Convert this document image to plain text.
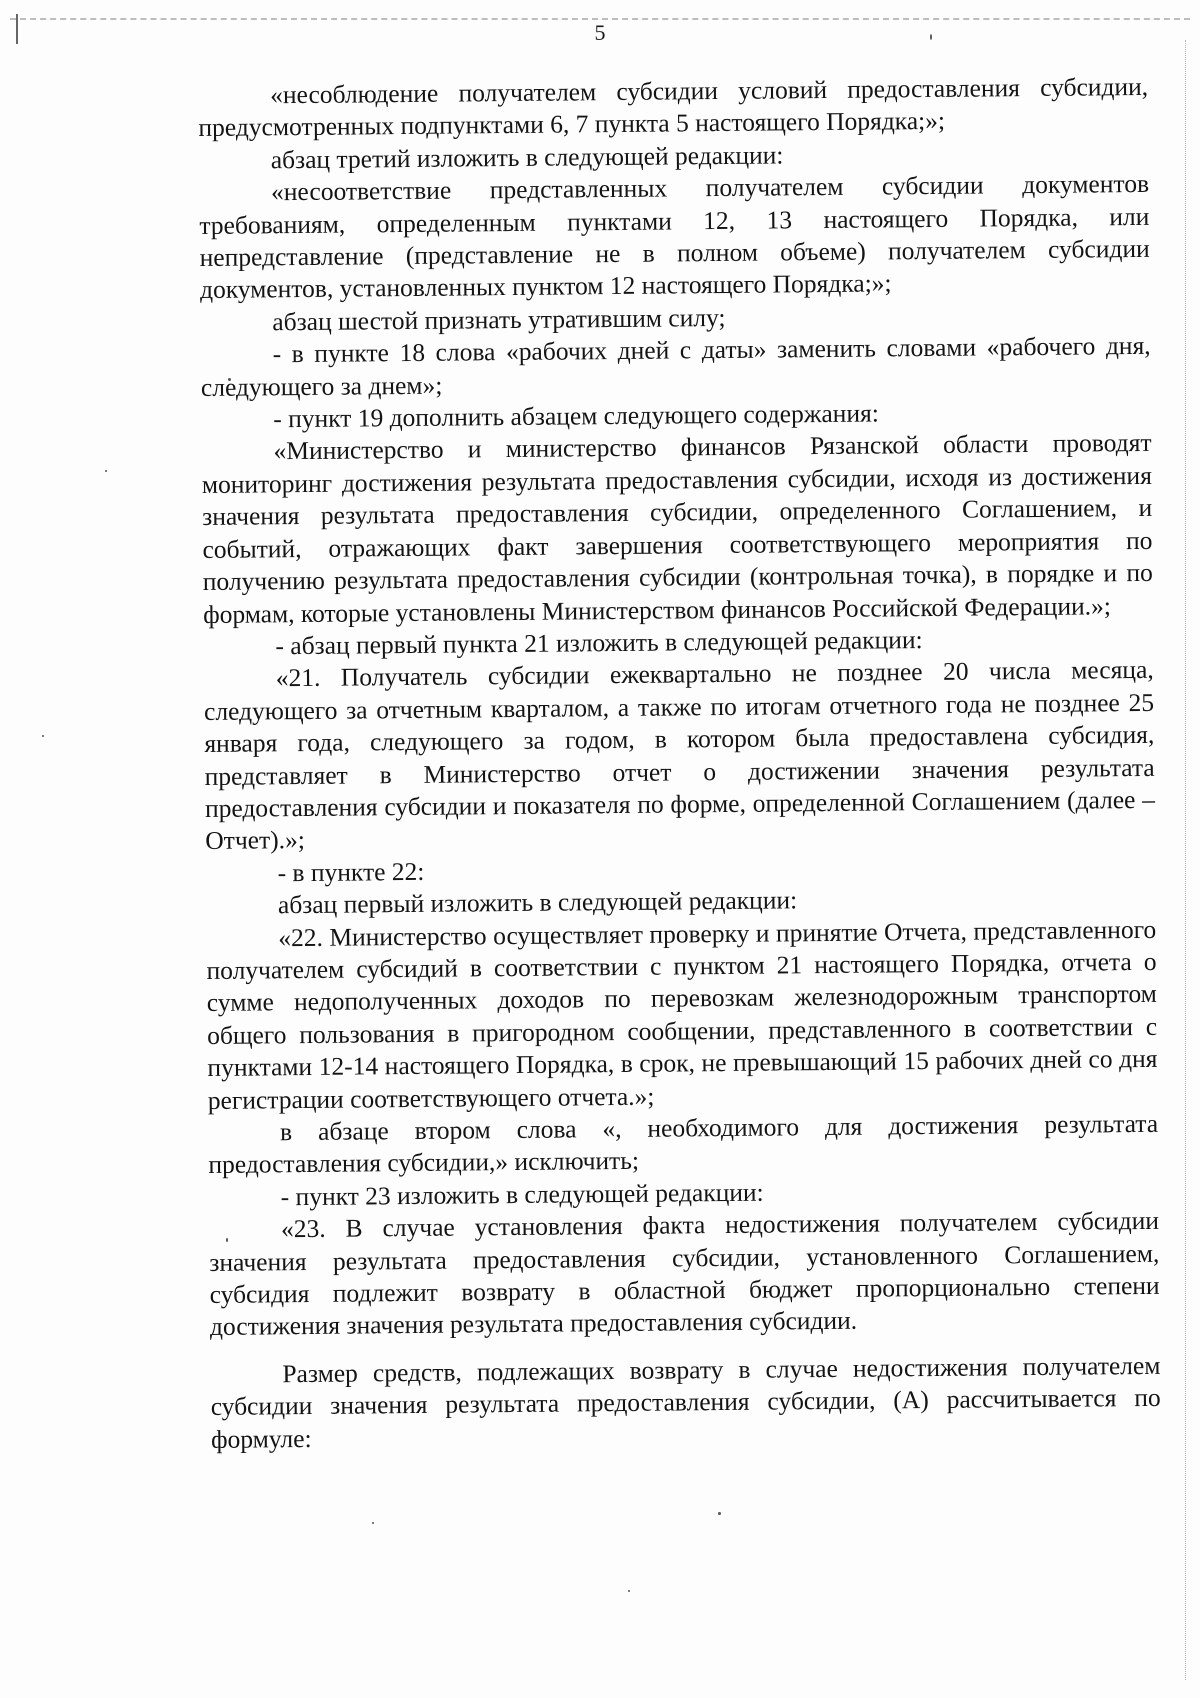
5

«несоблюдение получателем субсидии условий предоставления субсидии, предусмотренных подпунктами 6, 7 пункта 5 настоящего Порядка;»;

абзац третий изложить в следующей редакции:

«несоответствие представленных получателем субсидии документов требованиям, определенным пунктами 12, 13 настоящего Порядка, или непредставление (представление не в полном объеме) получателем субсидии документов, установленных пунктом 12 настоящего Порядка;»;

абзац шестой признать утратившим силу;

- в пункте 18 слова «рабочих дней с даты» заменить словами «рабочего дня, следующего за днем»;

- пункт 19 дополнить абзацем следующего содержания:

«Министерство и министерство финансов Рязанской области проводят мониторинг достижения результата предоставления субсидии, исходя из достижения значения результата предоставления субсидии, определенного Соглашением, и событий, отражающих факт завершения соответствующего мероприятия по получению результата предоставления субсидии (контрольная точка), в порядке и по формам, которые установлены Министерством финансов Российской Федерации.»;

- абзац первый пункта 21 изложить в следующей редакции:

«21. Получатель субсидии ежеквартально не позднее 20 числа месяца, следующего за отчетным кварталом, а также по итогам отчетного года не позднее 25 января года, следующего за годом, в котором была предоставлена субсидия, представляет в Министерство отчет о достижении значения результата предоставления субсидии и показателя по форме, определенной Соглашением (далее – Отчет).»;

- в пункте 22:

абзац первый изложить в следующей редакции:

«22. Министерство осуществляет проверку и принятие Отчета, представленного получателем субсидий в соответствии с пунктом 21 настоящего Порядка, отчета о сумме недополученных доходов по перевозкам железнодорожным транспортом общего пользования в пригородном сообщении, представленного в соответствии с пунктами 12-14 настоящего Порядка, в срок, не превышающий 15 рабочих дней со дня регистрации соответствующего отчета.»;

в абзаце втором слова «, необходимого для достижения результата предоставления субсидии,» исключить;

- пункт 23 изложить в следующей редакции:

«23. В случае установления факта недостижения получателем субсидии значения результата предоставления субсидии, установленного Соглашением, субсидия подлежит возврату в областной бюджет пропорционально степени достижения значения результата предоставления субсидии.

Размер средств, подлежащих возврату в случае недостижения получателем субсидии значения результата предоставления субсидии, (А) рассчитывается по формуле:
